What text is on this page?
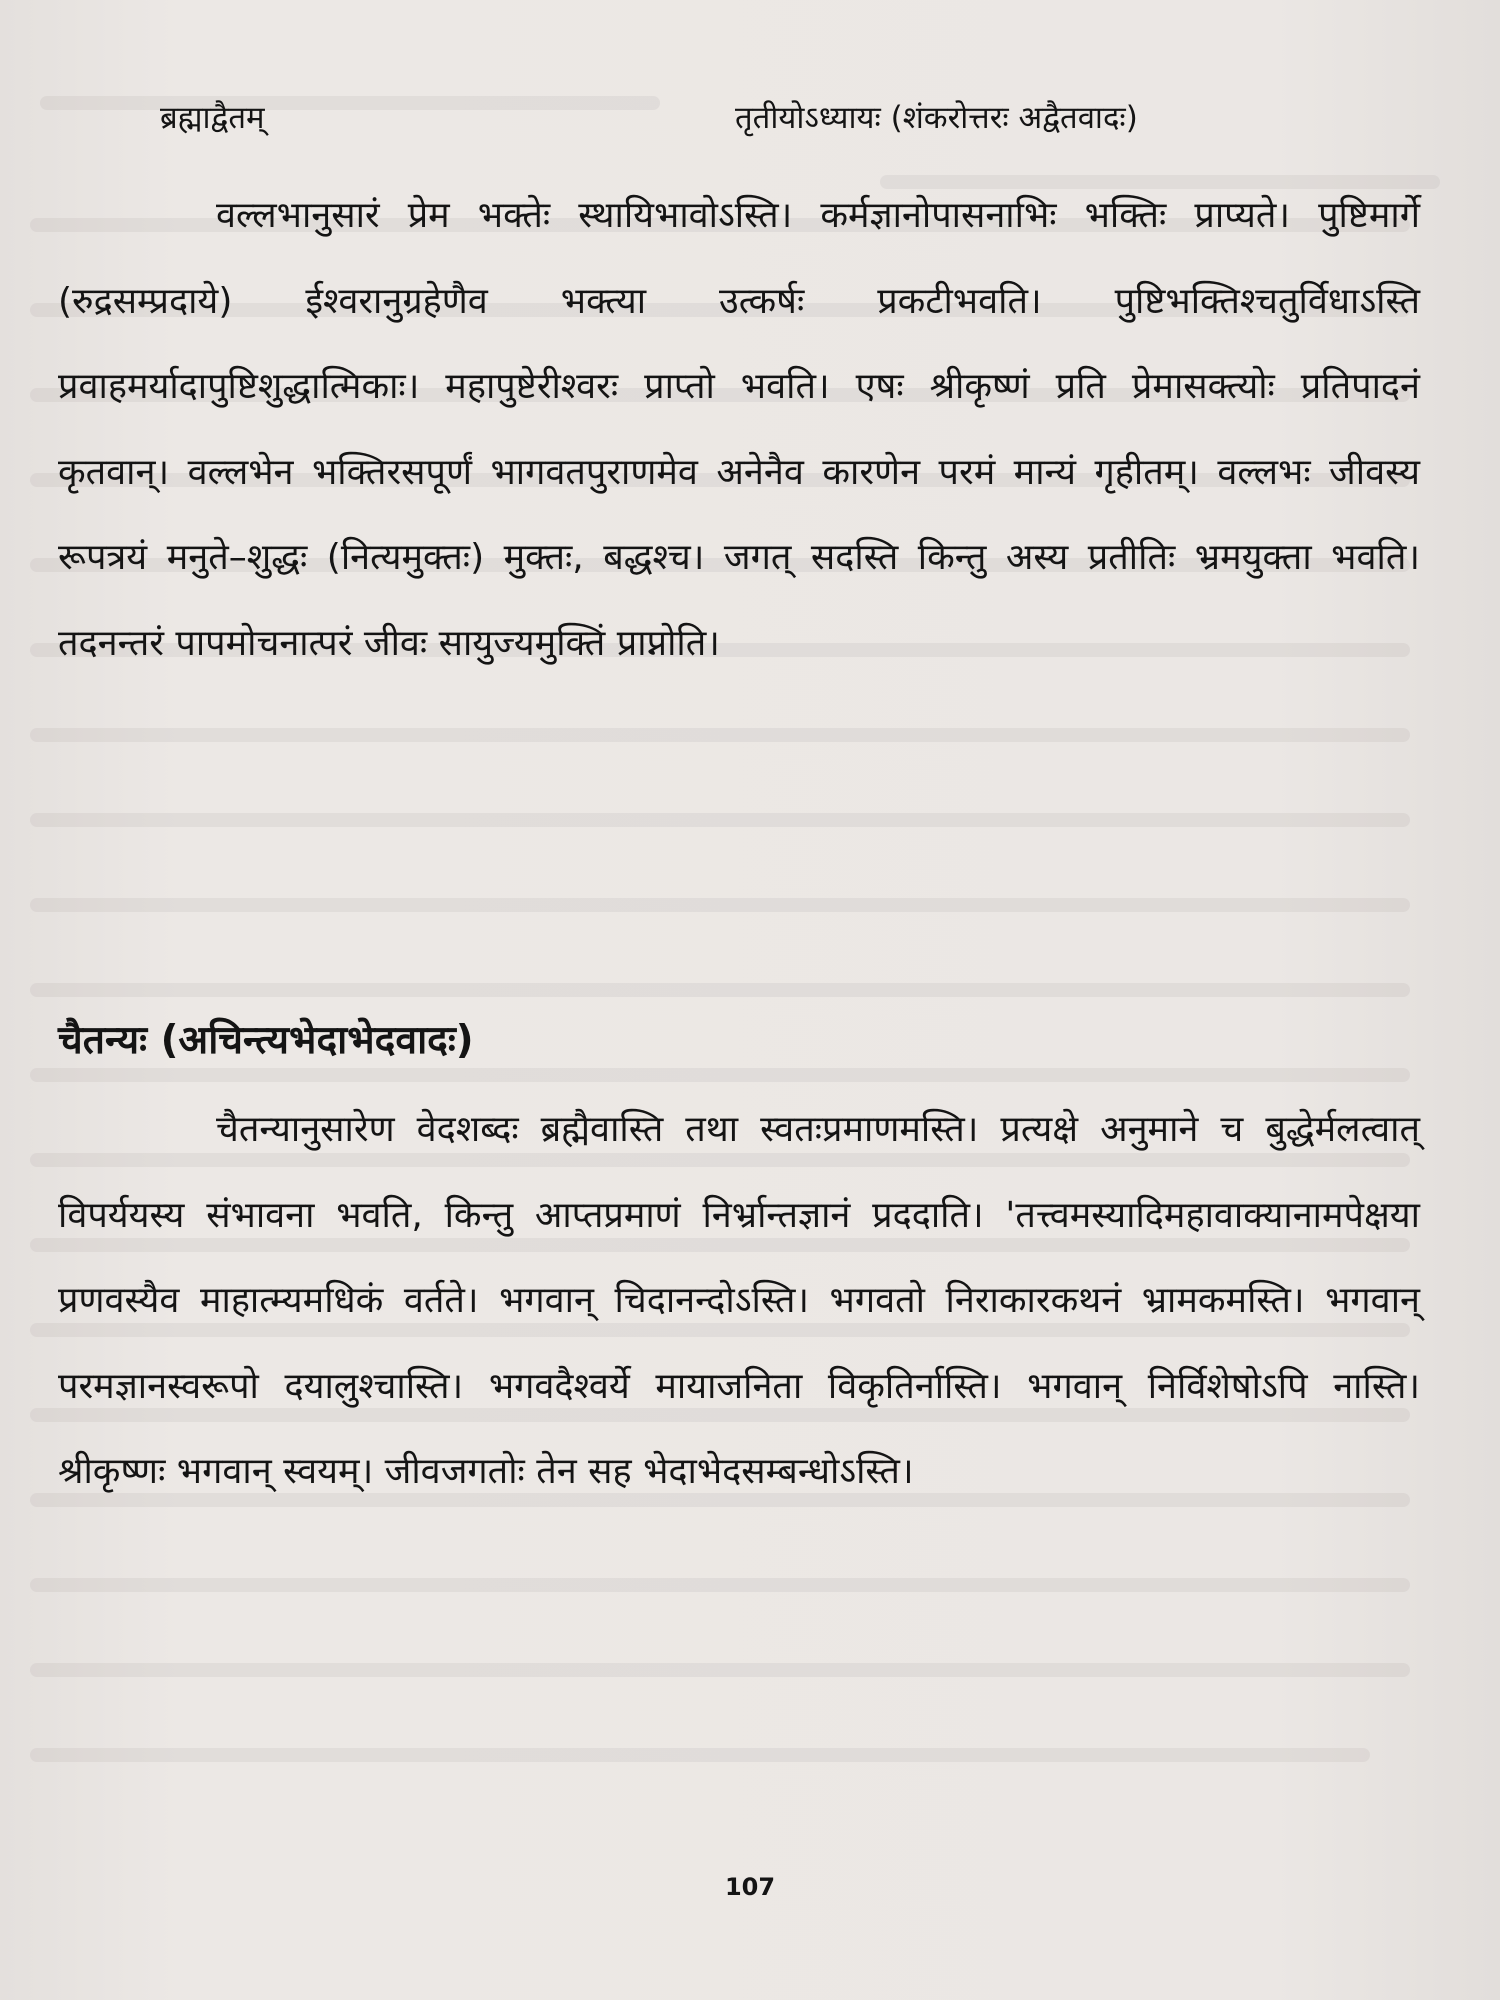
ब्रह्माद्वैतम्	तृतीयोऽध्यायः (शंकरोत्तरः अद्वैतवादः)

वल्लभानुसारं प्रेम भक्तेः स्थायिभावोऽस्ति। कर्मज्ञानोपासनाभिः भक्तिः प्राप्यते। पुष्टिमार्गे (रुद्रसम्प्रदाये) ईश्वरानुग्रहेणैव भक्त्या उत्कर्षः प्रकटीभवति। पुष्टिभक्तिश्चतुर्विधाऽस्ति प्रवाहमर्यादापुष्टिशुद्धात्मिकाः। महापुष्टेरीश्वरः प्राप्तो भवति। एषः श्रीकृष्णं प्रति प्रेमासक्त्योः प्रतिपादनं कृतवान्। वल्लभेन भक्तिरसपूर्णं भागवतपुराणमेव अनेनैव कारणेन परमं मान्यं गृहीतम्। वल्लभः जीवस्य रूपत्रयं मनुते–शुद्धः (नित्यमुक्तः) मुक्तः, बद्धश्च। जगत् सदस्ति किन्तु अस्य प्रतीतिः भ्रमयुक्ता भवति। तदनन्तरं पापमोचनात्परं जीवः सायुज्यमुक्तिं प्राप्नोति।

चैतन्यः (अचिन्त्यभेदाभेदवादः)

चैतन्यानुसारेण वेदशब्दः ब्रह्मैवास्ति तथा स्वतःप्रमाणमस्ति। प्रत्यक्षे अनुमाने च बुद्धेर्मलत्वात् विपर्ययस्य संभावना भवति, किन्तु आप्तप्रमाणं निर्भ्रान्तज्ञानं प्रददाति। 'तत्त्वमस्यादिमहावाक्यानामपेक्षया प्रणवस्यैव माहात्म्यमधिकं वर्तते। भगवान् चिदानन्दोऽस्ति। भगवतो निराकारकथनं भ्रामकमस्ति। भगवान् परमज्ञानस्वरूपो दयालुश्चास्ति। भगवदैश्वर्ये मायाजनिता विकृतिर्नास्ति। भगवान् निर्विशेषोऽपि नास्ति। श्रीकृष्णः भगवान् स्वयम्। जीवजगतोः तेन सह भेदाभेदसम्बन्धोऽस्ति।

107
